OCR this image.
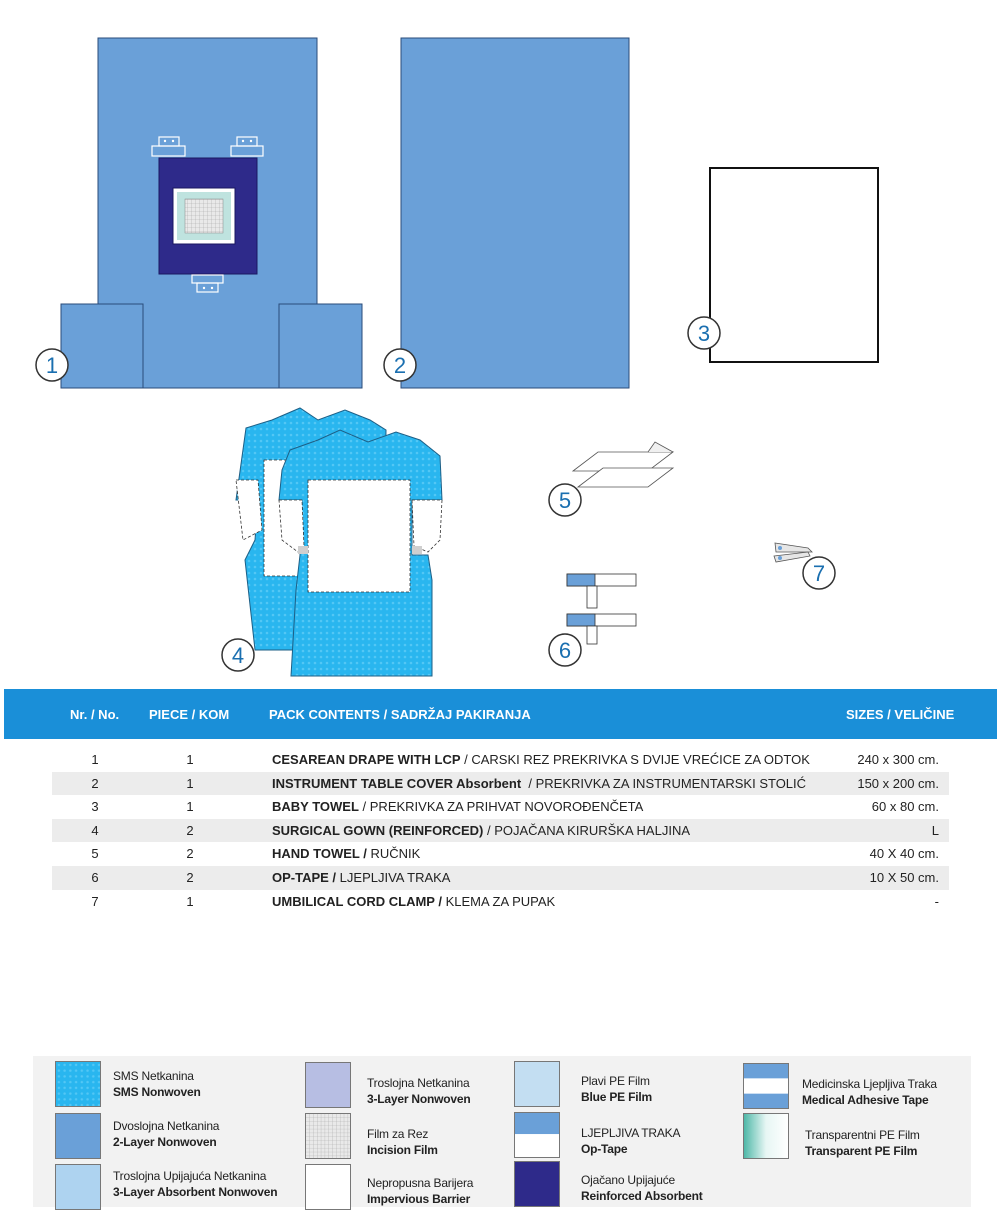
1	2
3
4
5
6
7
Nr. / No. PIECE / KOM	PACK CONTENTS / SADRŽAJ PAKIRANJA	SIZES / VELIČINE
1	1	CESAREAN DRAPE WITH LCP / CARSKI REZ PREKRIVKA S DVIJE VREĆICE ZA ODTOK	240 x 300 cm.
2	1	INSTRUMENT TABLE COVER Absorbent  / PREKRIVKA ZA INSTRUMENTARSKI STOLIĆ	150 x 200 cm.
3	1	BABY TOWEL / PREKRIVKA ZA PRIHVAT NOVOROĐENČETA	60 x 80 cm.
4	2	SURGICAL GOWN (REINFORCED) / POJAČANA KIRURŠKA HALJINA	L
5	2	HAND TOWEL / RUČNIK	40 X 40 cm.
6	2	OP-TAPE / LJEPLJIVA TRAKA	10 X 50 cm.
7	1	UMBILICAL CORD CLAMP / KLEMA ZA PUPAK	-
SMS Netkanina
SMS Nonwoven
Dvoslojna Netkanina
2-Layer Nonwoven
Troslojna Upijajuća Netkanina
3-Layer Absorbent Nonwoven
Troslojna Netkanina
3-Layer Nonwoven
Film za Rez
Incision Film
Nepropusna Barijera
Impervious Barrier
Plavi PE Film
Blue PE Film
LJEPLJIVA TRAKA
Op-Tape
Ojačano Upijajuće
Reinforced Absorbent
Medicinska Ljepljiva Traka
Medical Adhesive Tape
Transparentni PE Film
Transparent PE Film
